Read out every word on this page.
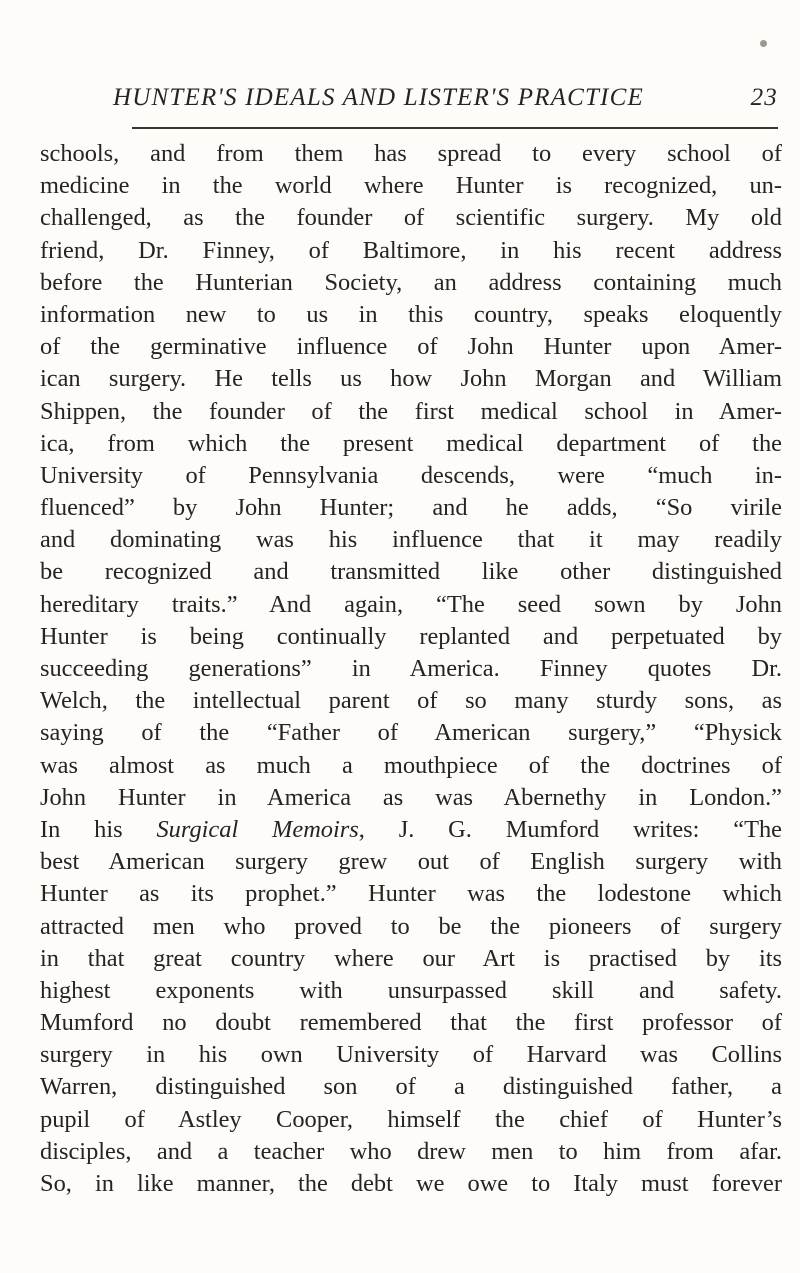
HUNTER'S IDEALS AND LISTER'S PRACTICE	23
schools, and from them has spread to every school of
medicine in the world where Hunter is recognized, un-
challenged, as the founder of scientific surgery. My old
friend, Dr. Finney, of Baltimore, in his recent address
before the Hunterian Society, an address containing much
information new to us in this country, speaks eloquently
of the germinative influence of John Hunter upon Amer-
ican surgery. He tells us how John Morgan and William
Shippen, the founder of the first medical school in Amer-
ica, from which the present medical department of the
University of Pennsylvania descends, were “much in-
fluenced” by John Hunter; and he adds, “So virile
and dominating was his influence that it may readily
be recognized and transmitted like other distinguished
hereditary traits.” And again, “The seed sown by John
Hunter is being continually replanted and perpetuated by
succeeding generations” in America. Finney quotes Dr.
Welch, the intellectual parent of so many sturdy sons, as
saying of the “Father of American surgery,” “Physick
was almost as much a mouthpiece of the doctrines of
John Hunter in America as was Abernethy in London.”
In his Surgical Memoirs, J. G. Mumford writes: “The
best American surgery grew out of English surgery with
Hunter as its prophet.” Hunter was the lodestone which
attracted men who proved to be the pioneers of surgery
in that great country where our Art is practised by its
highest exponents with unsurpassed skill and safety.
Mumford no doubt remembered that the first professor of
surgery in his own University of Harvard was Collins
Warren, distinguished son of a distinguished father, a
pupil of Astley Cooper, himself the chief of Hunter’s
disciples, and a teacher who drew men to him from afar.
So, in like manner, the debt we owe to Italy must forever
